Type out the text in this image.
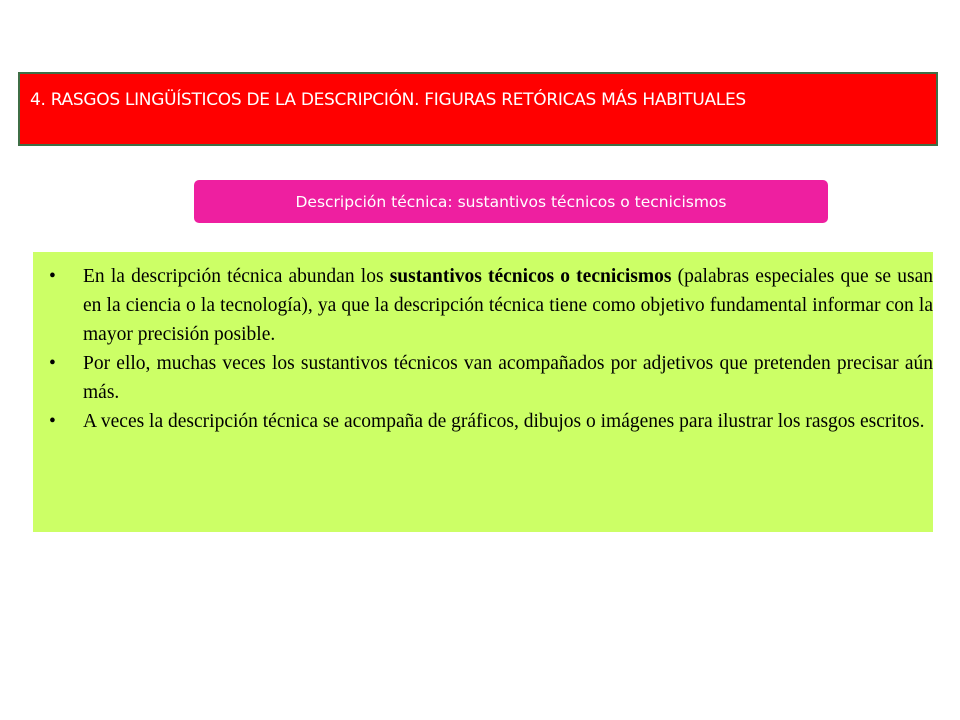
4. RASGOS LINGÜÍSTICOS DE LA DESCRIPCIÓN. FIGURAS RETÓRICAS MÁS HABITUALES
Descripción técnica: sustantivos técnicos o tecnicismos
• En la descripción técnica abundan los sustantivos técnicos o tecnicismos (palabras especiales que se usan en la ciencia o la tecnología), ya que la descripción técnica tiene como objetivo fundamental informar con la mayor precisión posible.
• Por ello, muchas veces los sustantivos técnicos van acompañados por adjetivos que pretenden precisar aún más.
• A veces la descripción técnica se acompaña de gráficos, dibujos o imágenes para ilustrar los rasgos escritos.
